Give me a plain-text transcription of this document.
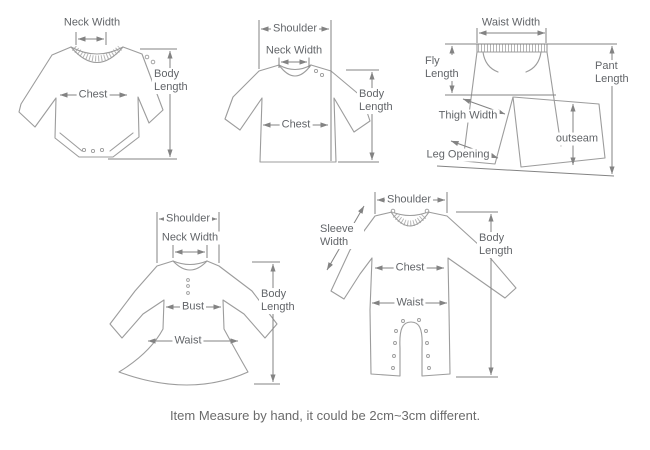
Neck Width
Chest
Body Length
Shoulder
Neck Width
Chest
Body Length
Waist Width
Fly Length
Pant Length
Thigh Width
outseam
Leg Opening
Shoulder
Neck Width
Bust
Waist
Body Length
Shoulder
Sleeve Width
Chest
Waist
Body Length
Item Measure by hand, it could be 2cm~3cm different.
